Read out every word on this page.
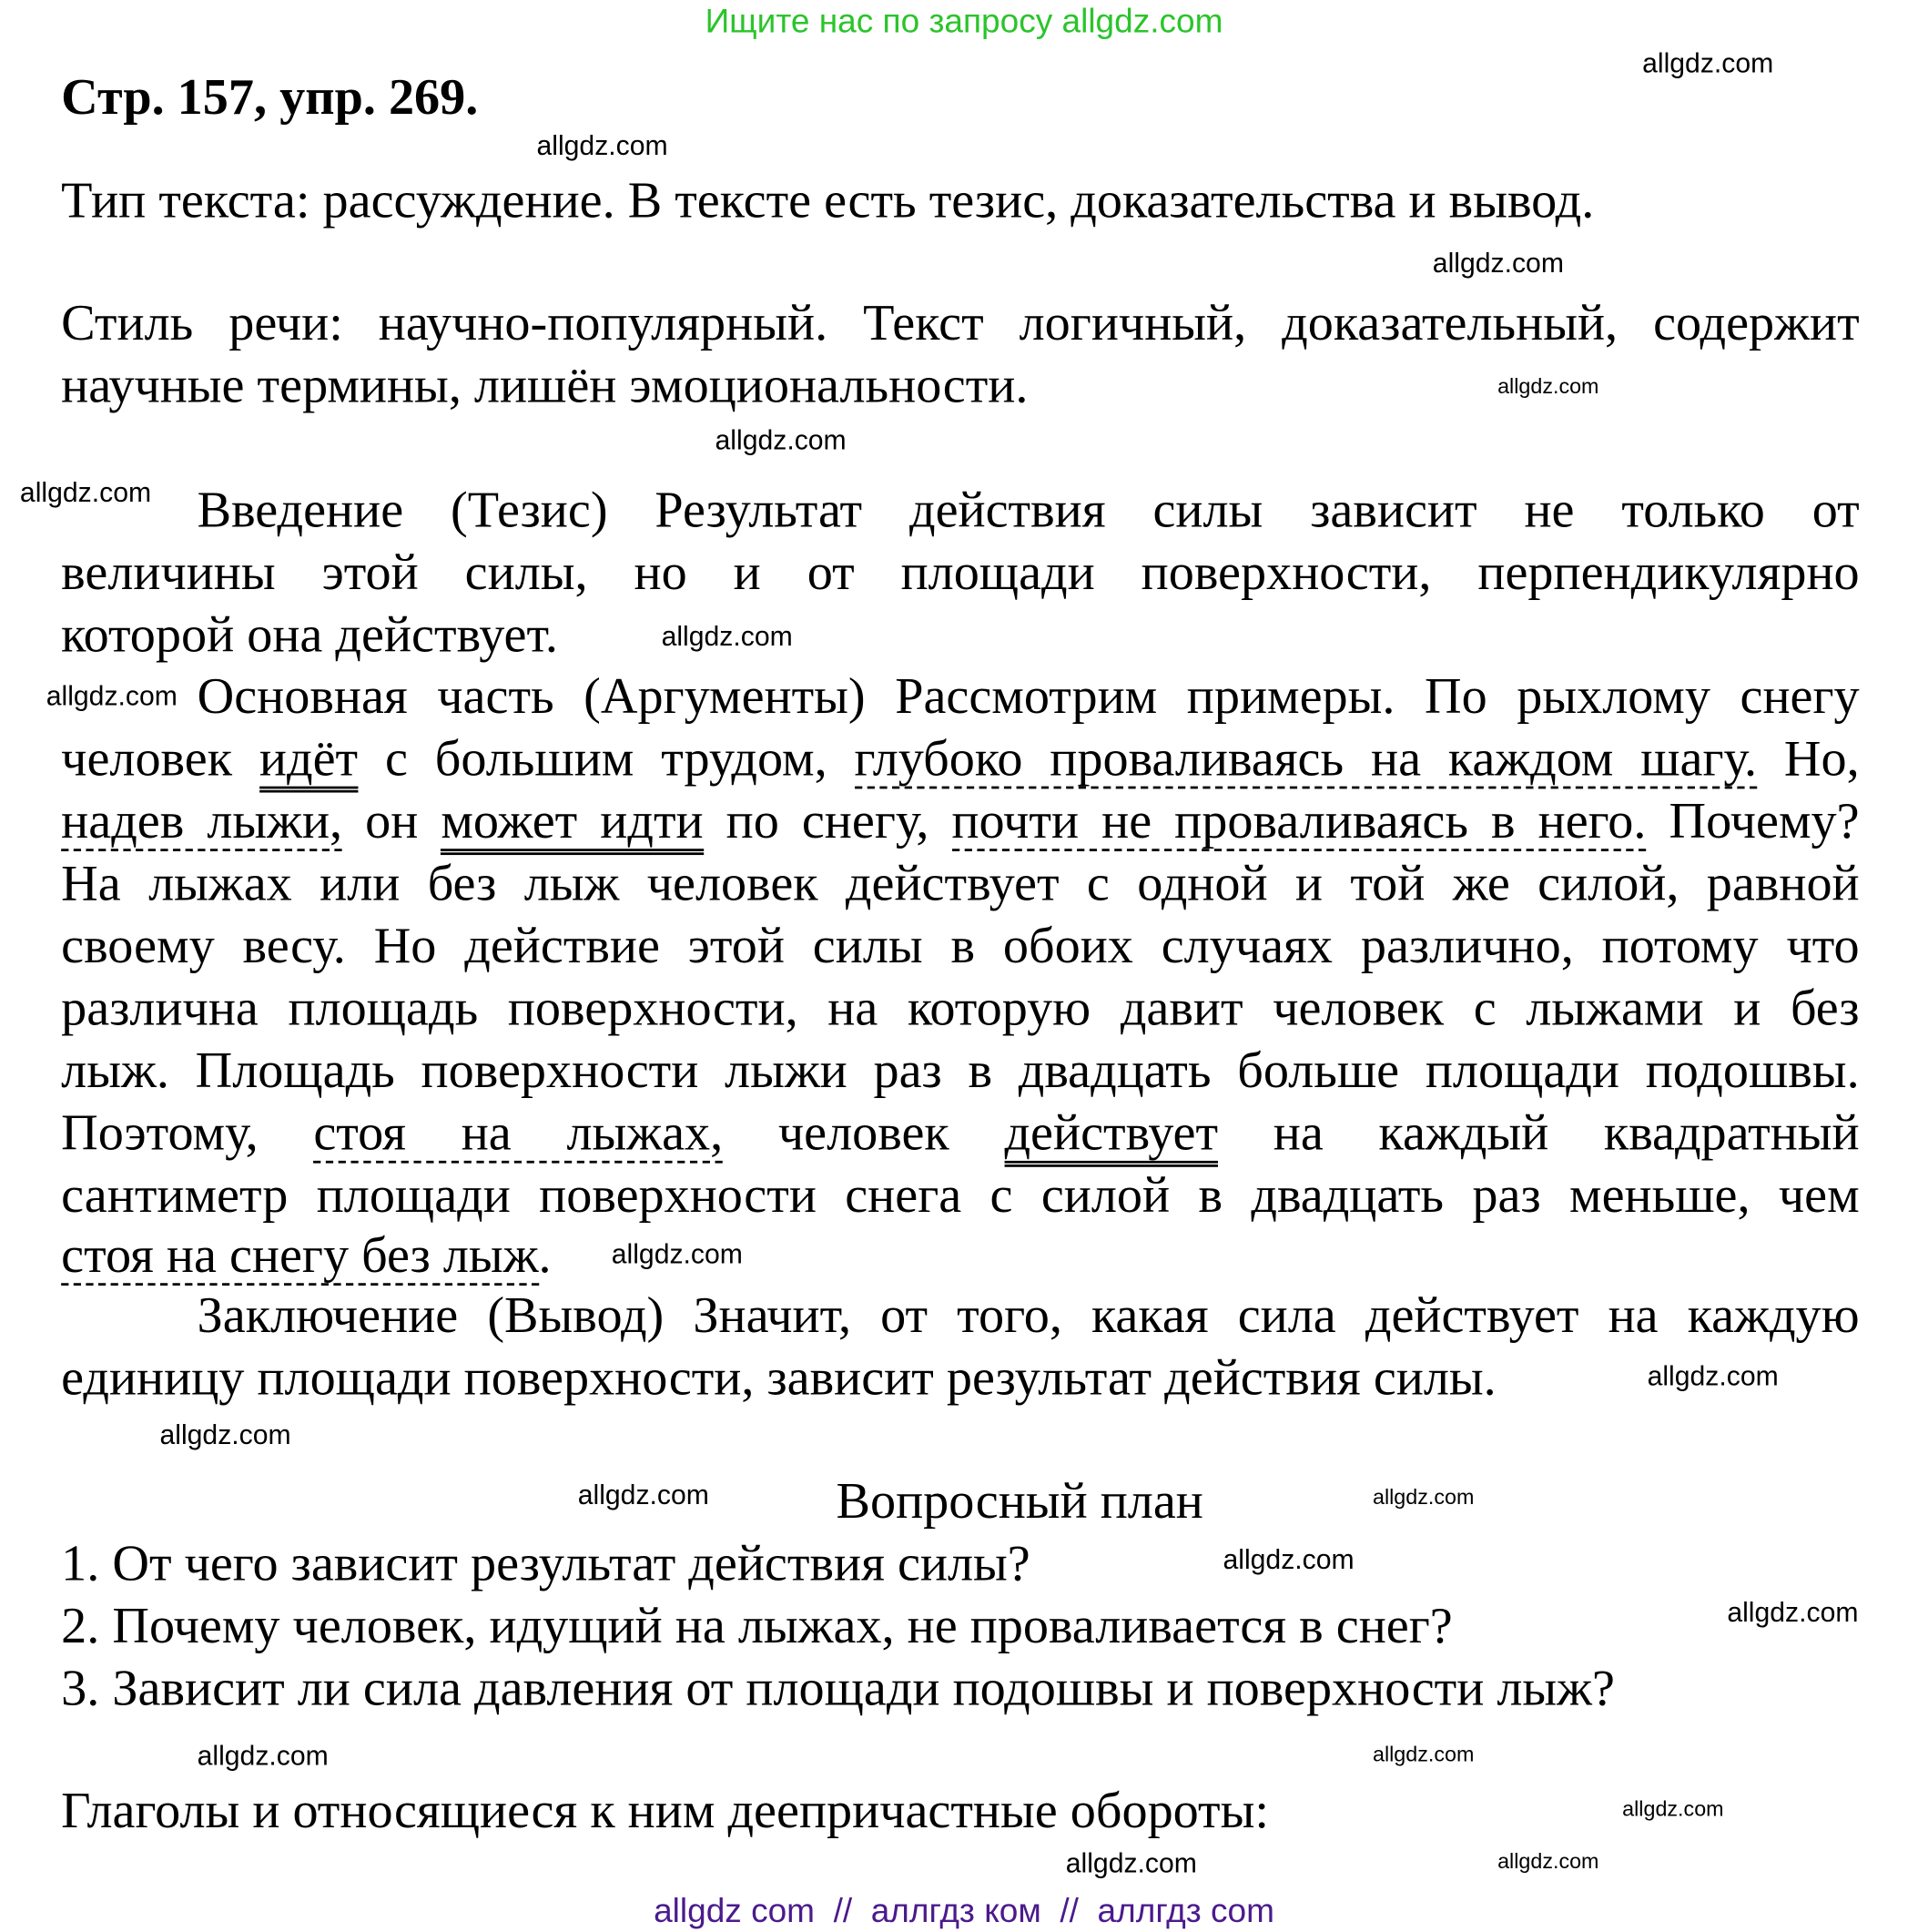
Ищите нас по запросу allgdz.com
Стр. 157, упр. 269.
Тип текста: рассуждение. В тексте есть тезис, доказательства и вывод.
Стиль речи: научно-популярный. Текст логичный, доказательный, содержит
научные термины, лишён эмоциональности.
Введение (Тезис) Результат действия силы зависит не только от
величины этой силы, но и от площади поверхности, перпендикулярно
которой она действует.
Основная часть (Аргументы) Рассмотрим примеры. По рыхлому снегу
человек идёт с большим трудом, глубоко проваливаясь на каждом шагу. Но,
надев лыжи, он может идти по снегу, почти не проваливаясь в него. Почему?
На лыжах или без лыж человек действует с одной и той же силой, равной
своему весу. Но действие этой силы в обоих случаях различно, потому что
различна площадь поверхности, на которую давит человек с лыжами и без
лыж. Площадь поверхности лыжи раз в двадцать больше площади подошвы.
Поэтому, стоя на лыжах, человек действует на каждый квадратный
сантиметр площади поверхности снега с силой в двадцать раз меньше, чем
стоя на снегу без лыж.
Заключение (Вывод) Значит, от того, какая сила действует на каждую
единицу площади поверхности, зависит результат действия силы.
Вопросный план
1. От чего зависит результат действия силы?
2. Почему человек, идущий на лыжах, не проваливается в снег?
3. Зависит ли сила давления от площади подошвы и поверхности лыж?
Глаголы и относящиеся к ним деепричастные обороты:
allgdz.com
allgdz.com
allgdz.com
allgdz.com
allgdz.com
allgdz.com
allgdz.com
allgdz.com
allgdz.com
allgdz.com
allgdz.com
allgdz.com
allgdz.com
allgdz.com
allgdz.com
allgdz.com
allgdz.com
allgdz.com
allgdz.com
allgdz.com
allgdz com  //  аллгдз ком  //  аллгдз com
